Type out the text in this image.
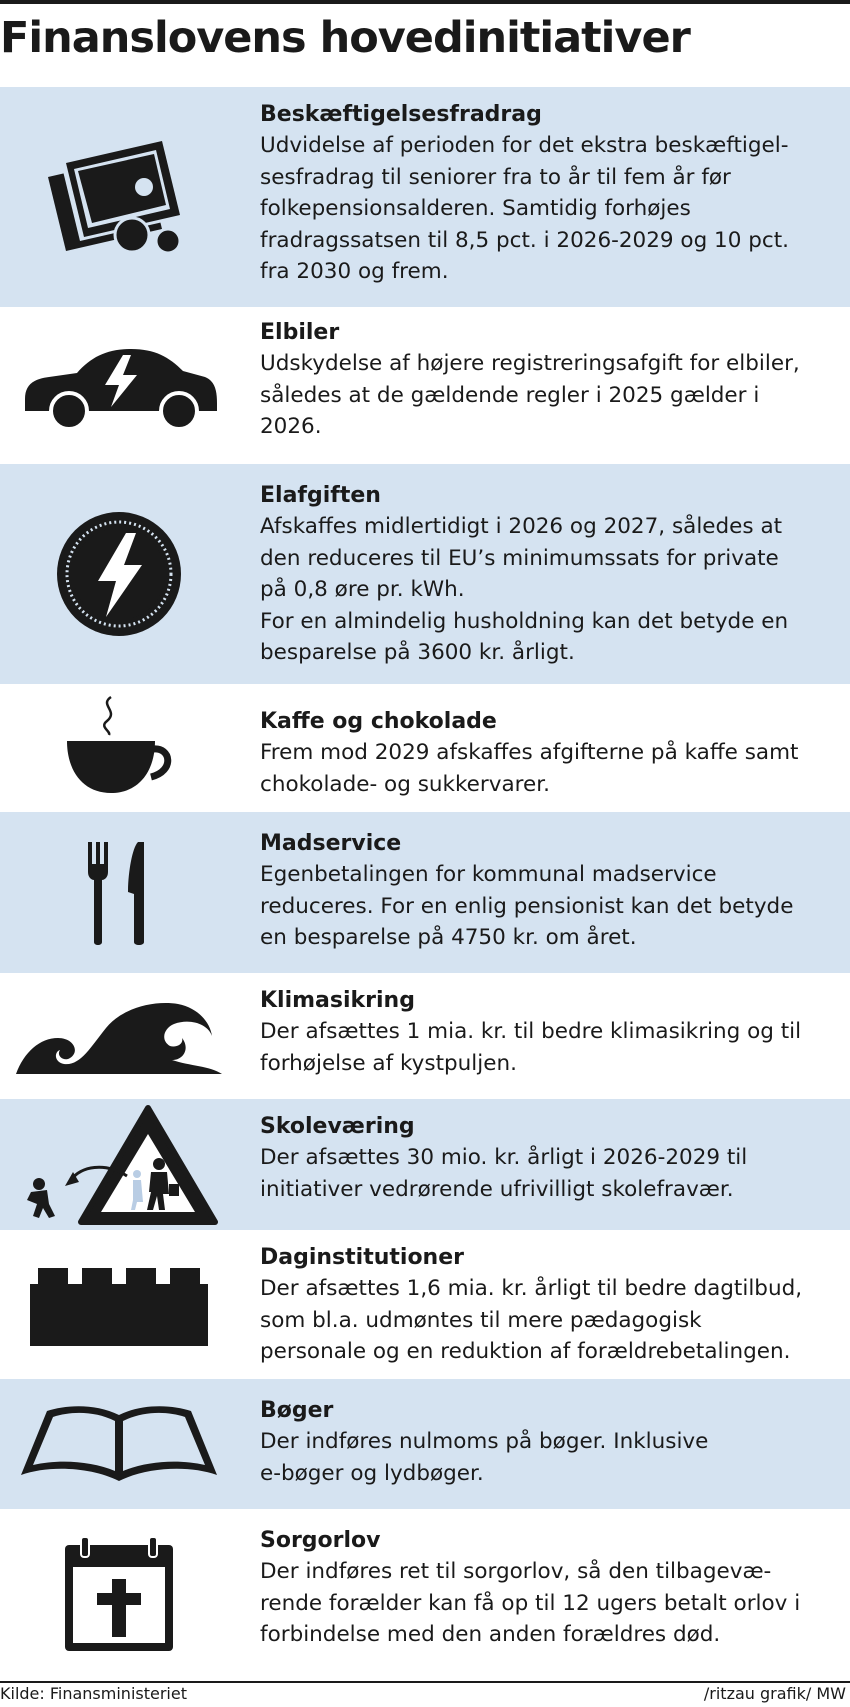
Finanslovens hovedinitiativer
Beskæftigelsesfradrag
Udvidelse af perioden for det ekstra beskæftigel-
sesfradrag til seniorer fra to år til fem år før
folkepensionsalderen. Samtidig forhøjes
fradragssatsen til 8,5 pct. i 2026-2029 og 10 pct.
fra 2030 og frem.
Elbiler
Udskydelse af højere registreringsafgift for elbiler,
således at de gældende regler i 2025 gælder i
2026.
Elafgiften
Afskaffes midlertidigt i 2026 og 2027, således at
den reduceres til EU’s minimumssats for private
på 0,8 øre pr. kWh.
For en almindelig husholdning kan det betyde en
besparelse på 3600 kr. årligt.
Kaffe og chokolade
Frem mod 2029 afskaffes afgifterne på kaffe samt
chokolade- og sukkervarer.
Madservice
Egenbetalingen for kommunal madservice
reduceres. For en enlig pensionist kan det betyde
en besparelse på 4750 kr. om året.
Klimasikring
Der afsættes 1 mia. kr. til bedre klimasikring og til
forhøjelse af kystpuljen.
Skoleværing
Der afsættes 30 mio. kr. årligt i 2026-2029 til
initiativer vedrørende ufrivilligt skolefravær.
Daginstitutioner
Der afsættes 1,6 mia. kr. årligt til bedre dagtilbud,
som bl.a. udmøntes til mere pædagogisk
personale og en reduktion af forældrebetalingen.
Bøger
Der indføres nulmoms på bøger. Inklusive
e-bøger og lydbøger.
Sorgorlov
Der indføres ret til sorgorlov, så den tilbagevæ-
rende forælder kan få op til 12 ugers betalt orlov i
forbindelse med den anden forældres død.
Kilde: Finansministeriet	/ritzau grafik/ MW
